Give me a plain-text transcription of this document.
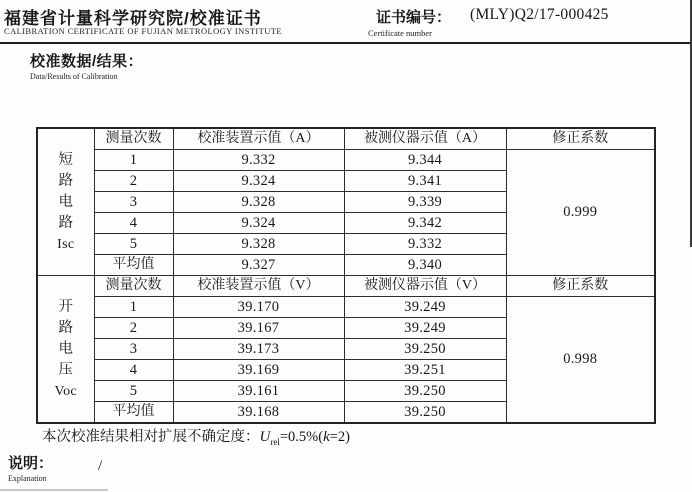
福建省计量科学研究院/校准证书
CALIBRATION CERTIFICATE OF FUJIAN METROLOGY INSTITUTE
证书编号： (MLY)Q2/17-000425
Certificate number
校准数据/结果：
Data/Results of Calibration
短
路
电
路
Isc	测量次数	校准装置示值（A）	被测仪器示值（A）	修正系数
	1	9.332	9.344	0.999
	2	9.324	9.341	
	3	9.328	9.339	
	4	9.324	9.342	
	5	9.328	9.332	
	平均值	9.327	9.340	

开
路
电
压
Voc	测量次数	校准装置示值（V）	被测仪器示值（V）	修正系数
	1	39.170	39.249	0.998
	2	39.167	39.249	
	3	39.173	39.250	
	4	39.169	39.251	
	5	39.161	39.250	
	平均值	39.168	39.250	
本次校准结果相对扩展不确定度：$U_{rel}=0.5\%(k=2)$
说明：
Explanation
/
